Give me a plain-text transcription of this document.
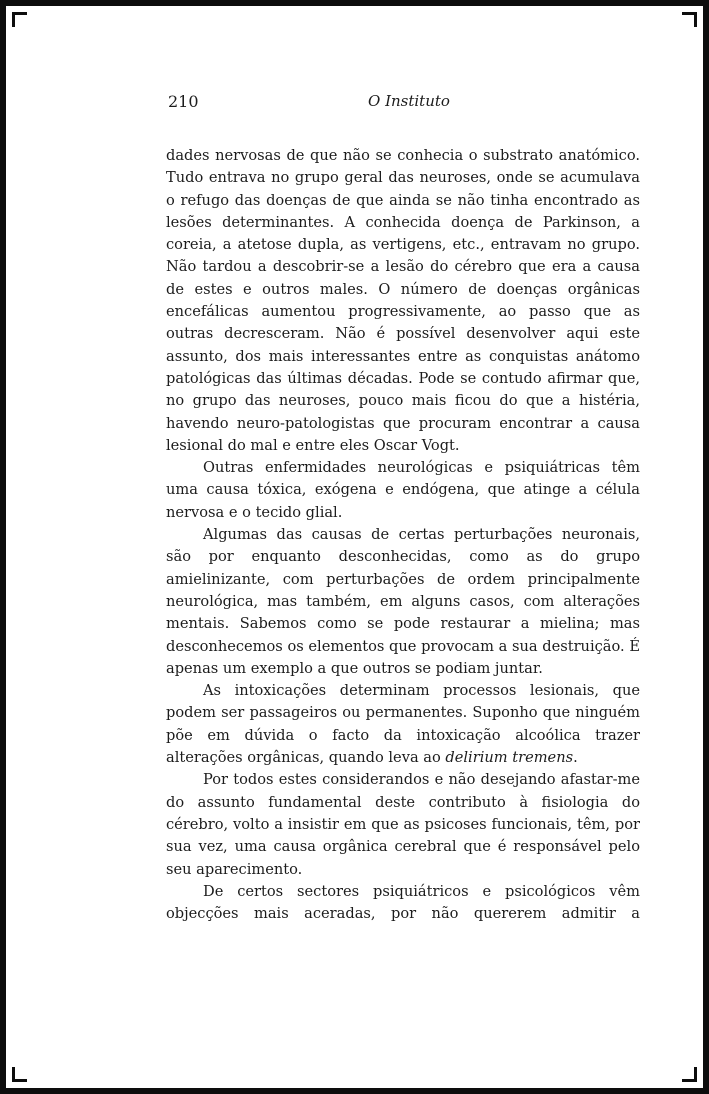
210	O Instituto

dades nervosas de que não se conhecia o substrato anatómico. Tudo entrava no grupo geral das neuroses, onde se acumulava o refugo das doenças de que ainda se não tinha encontrado as lesões determinantes. A conhecida doença de Parkinson, a coreia, a atetose dupla, as vertigens, etc., entravam no grupo. Não tardou a descobrir-se a lesão do cérebro que era a causa de estes e outros males. O número de doenças orgânicas encefálicas aumentou progressivamente, ao passo que as outras decresceram. Não é possível desenvolver aqui este assunto, dos mais interessantes entre as conquistas anátomo patológicas das últimas décadas. Pode se contudo afirmar que, no grupo das neuroses, pouco mais ficou do que a histéria, havendo neuro-patologistas que procuram encontrar a causa lesional do mal e entre eles Oscar Vogt.

Outras enfermidades neurológicas e psiquiátricas têm uma causa tóxica, exógena e endógena, que atinge a célula nervosa e o tecido glial.

Algumas das causas de certas perturbações neuronais, são por enquanto desconhecidas, como as do grupo amielinizante, com perturbações de ordem principalmente neurológica, mas também, em alguns casos, com alterações mentais. Sabemos como se pode restaurar a mielina; mas desconhecemos os elementos que provocam a sua destruição. É apenas um exemplo a que outros se podiam juntar.

As intoxicações determinam processos lesionais, que podem ser passageiros ou permanentes. Suponho que ninguém põe em dúvida o facto da intoxicação alcoólica trazer alterações orgânicas, quando leva ao delirium tremens.

Por todos estes considerandos e não desejando afastar-me do assunto fundamental deste contributo à fisiologia do cérebro, volto a insistir em que as psicoses funcionais, têm, por sua vez, uma causa orgânica cerebral que é responsável pelo seu aparecimento.

De certos sectores psiquiátricos e psicológicos vêm objecções mais aceradas, por não quererem admitir a
